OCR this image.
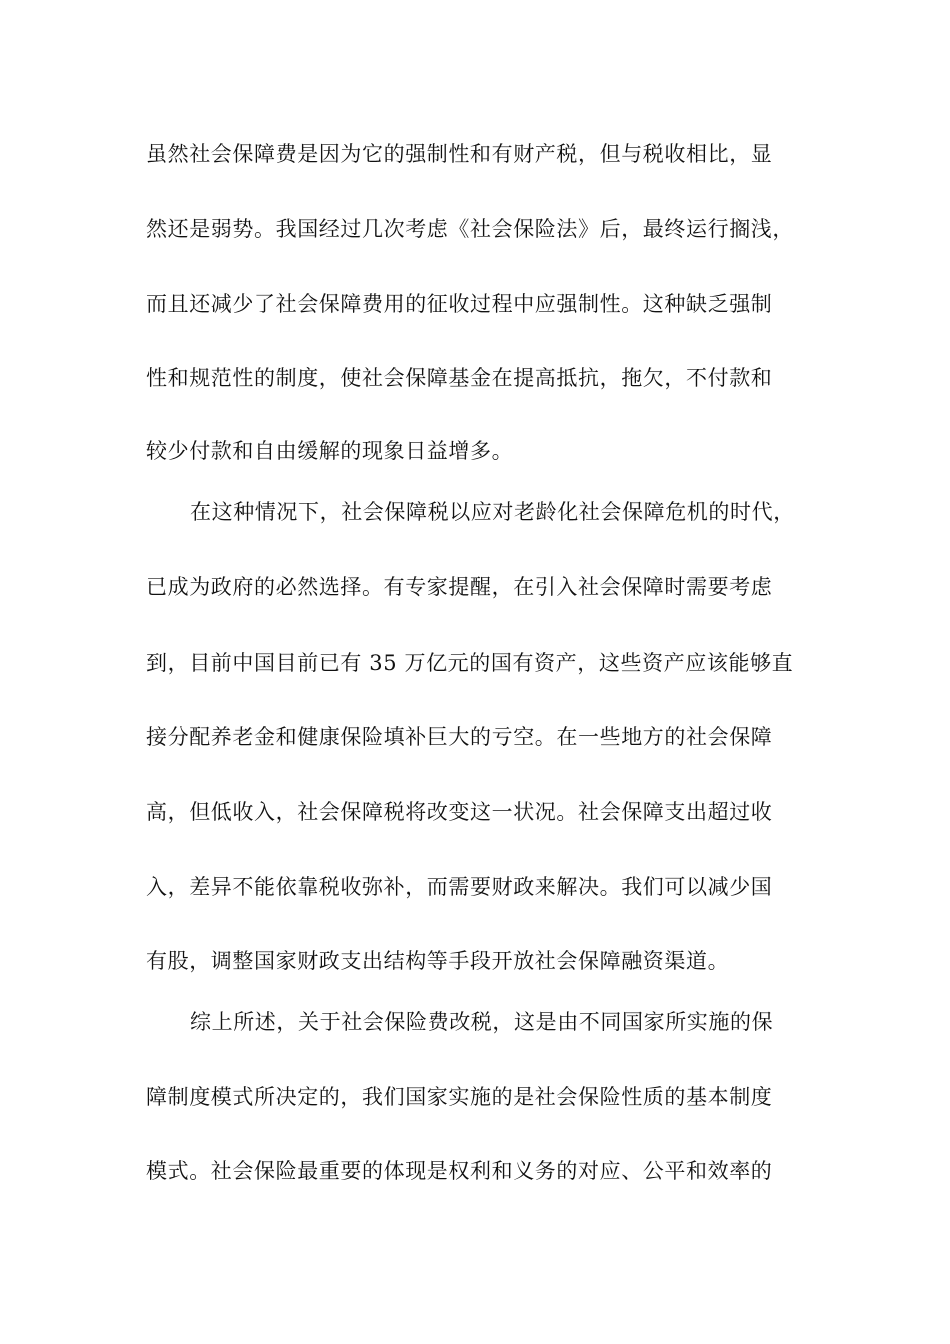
虽然社会保障费是因为它的强制性和有财产税，但与税收相比，显
然还是弱势。我国经过几次考虑《社会保险法》后，最终运行搁浅，
而且还减少了社会保障费用的征收过程中应强制性。这种缺乏强制
性和规范性的制度，使社会保障基金在提高抵抗，拖欠，不付款和
较少付款和自由缓解的现象日益增多。
在这种情况下，社会保障税以应对老龄化社会保障危机的时代，
已成为政府的必然选择。有专家提醒，在引入社会保障时需要考虑
到，目前中国目前已有 35 万亿元的国有资产，这些资产应该能够直
接分配养老金和健康保险填补巨大的亏空。在一些地方的社会保障
高，但低收入，社会保障税将改变这一状况。社会保障支出超过收
入，差异不能依靠税收弥补，而需要财政来解决。我们可以减少国
有股，调整国家财政支出结构等手段开放社会保障融资渠道。
综上所述，关于社会保险费改税，这是由不同国家所实施的保
障制度模式所决定的，我们国家实施的是社会保险性质的基本制度
模式。社会保险最重要的体现是权利和义务的对应、公平和效率的
